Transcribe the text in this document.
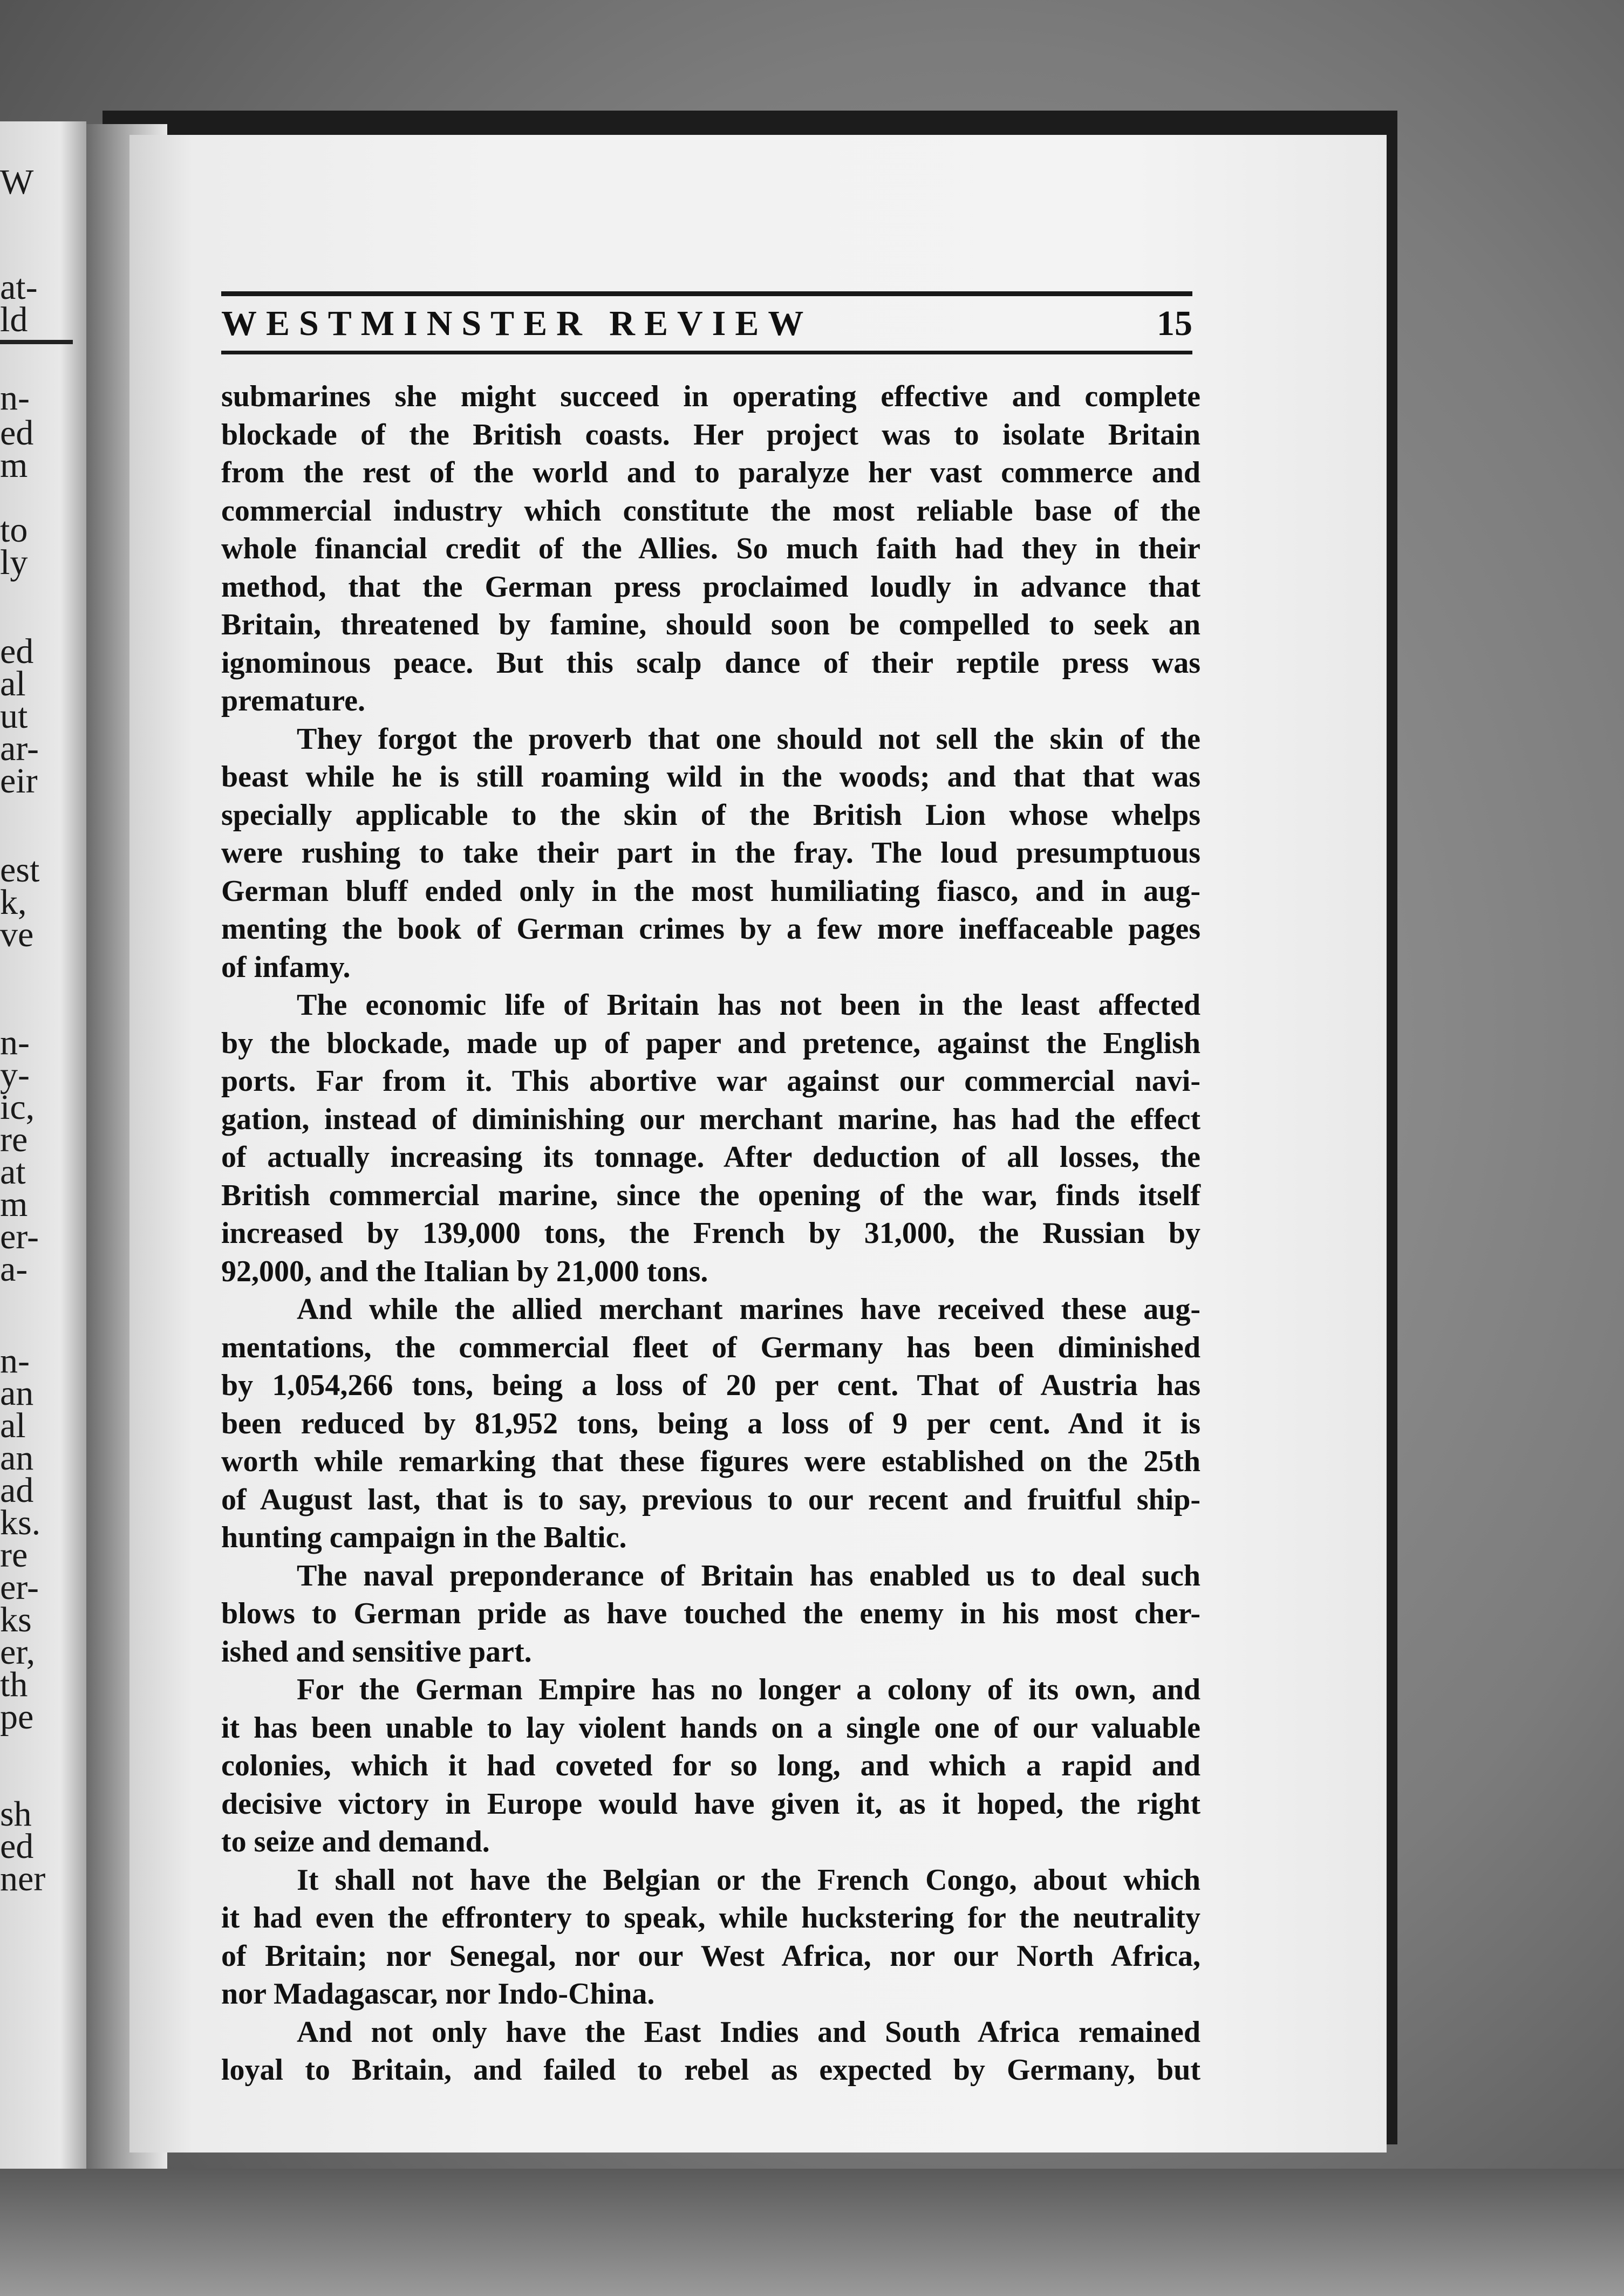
W
at-
ld
n-
ed
m
to
ly
ed
al
ut
ar-
eir
est
k,
ve
n-
y-
ic,
re
at
m
er-
a-
n-
an
al
an
ad
ks.
re
er-
ks
er,
th
pe
sh
ed
ner
WESTMINSTER REVIEW	15
submarines she might succeed in operating effective and complete
blockade of the British coasts. Her project was to isolate Britain
from the rest of the world and to paralyze her vast commerce and
commercial industry which constitute the most reliable base of the
whole financial credit of the Allies. So much faith had they in their
method, that the German press proclaimed loudly in advance that
Britain, threatened by famine, should soon be compelled to seek an
ignominous peace. But this scalp dance of their reptile press was
premature.
They forgot the proverb that one should not sell the skin of the
beast while he is still roaming wild in the woods; and that that was
specially applicable to the skin of the British Lion whose whelps
were rushing to take their part in the fray. The loud presumptuous
German bluff ended only in the most humiliating fiasco, and in aug-
menting the book of German crimes by a few more ineffaceable pages
of infamy.
The economic life of Britain has not been in the least affected
by the blockade, made up of paper and pretence, against the English
ports. Far from it. This abortive war against our commercial navi-
gation, instead of diminishing our merchant marine, has had the effect
of actually increasing its tonnage. After deduction of all losses, the
British commercial marine, since the opening of the war, finds itself
increased by 139,000 tons, the French by 31,000, the Russian by
92,000, and the Italian by 21,000 tons.
And while the allied merchant marines have received these aug-
mentations, the commercial fleet of Germany has been diminished
by 1,054,266 tons, being a loss of 20 per cent. That of Austria has
been reduced by 81,952 tons, being a loss of 9 per cent. And it is
worth while remarking that these figures were established on the 25th
of August last, that is to say, previous to our recent and fruitful ship-
hunting campaign in the Baltic.
The naval preponderance of Britain has enabled us to deal such
blows to German pride as have touched the enemy in his most cher-
ished and sensitive part.
For the German Empire has no longer a colony of its own, and
it has been unable to lay violent hands on a single one of our valuable
colonies, which it had coveted for so long, and which a rapid and
decisive victory in Europe would have given it, as it hoped, the right
to seize and demand.
It shall not have the Belgian or the French Congo, about which
it had even the effrontery to speak, while huckstering for the neutrality
of Britain; nor Senegal, nor our West Africa, nor our North Africa,
nor Madagascar, nor Indo-China.
And not only have the East Indies and South Africa remained
loyal to Britain, and failed to rebel as expected by Germany, but
